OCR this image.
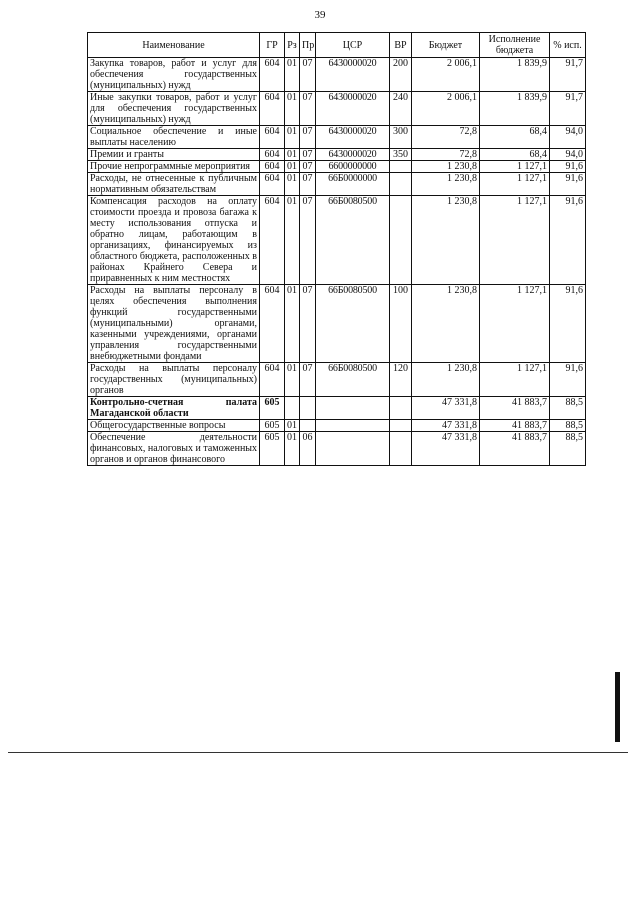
39
Наименование	ГР	Рз	Пр	ЦСР	ВР	Бюджет	Исполнение бюджета	% исп.
Закупка товаров, работ и услуг для обеспечения государственных (муниципальных) нужд	604	01	07	6430000020	200	2 006,1	1 839,9	91,7
Иные закупки товаров, работ и услуг для обеспечения государственных (муниципальных) нужд	604	01	07	6430000020	240	2 006,1	1 839,9	91,7
Социальное обеспечение и иные выплаты населению	604	01	07	6430000020	300	72,8	68,4	94,0
Премии и гранты	604	01	07	6430000020	350	72,8	68,4	94,0
Прочие непрограммные мероприятия	604	01	07	6600000000		1 230,8	1 127,1	91,6
Расходы, не отнесенные к публичным нормативным обязательствам	604	01	07	66Б0000000		1 230,8	1 127,1	91,6
Компенсация расходов на оплату стоимости проезда и провоза багажа к месту использования отпуска и обратно лицам, работающим в организациях, финансируемых из областного бюджета, расположенных в районах Крайнего Севера и приравненных к ним местностях	604	01	07	66Б0080500		1 230,8	1 127,1	91,6
Расходы на выплаты персоналу в целях обеспечения выполнения функций государственными (муниципальными) органами, казенными учреждениями, органами управления государственными внебюджетными фондами	604	01	07	66Б0080500	100	1 230,8	1 127,1	91,6
Расходы на выплаты персоналу государственных (муниципальных) органов	604	01	07	66Б0080500	120	1 230,8	1 127,1	91,6
Контрольно-счетная палата Магаданской области	605					47 331,8	41 883,7	88,5
Общегосударственные вопросы	605	01				47 331,8	41 883,7	88,5
Обеспечение деятельности финансовых, налоговых и таможенных органов и органов финансового	605	01	06			47 331,8	41 883,7	88,5
